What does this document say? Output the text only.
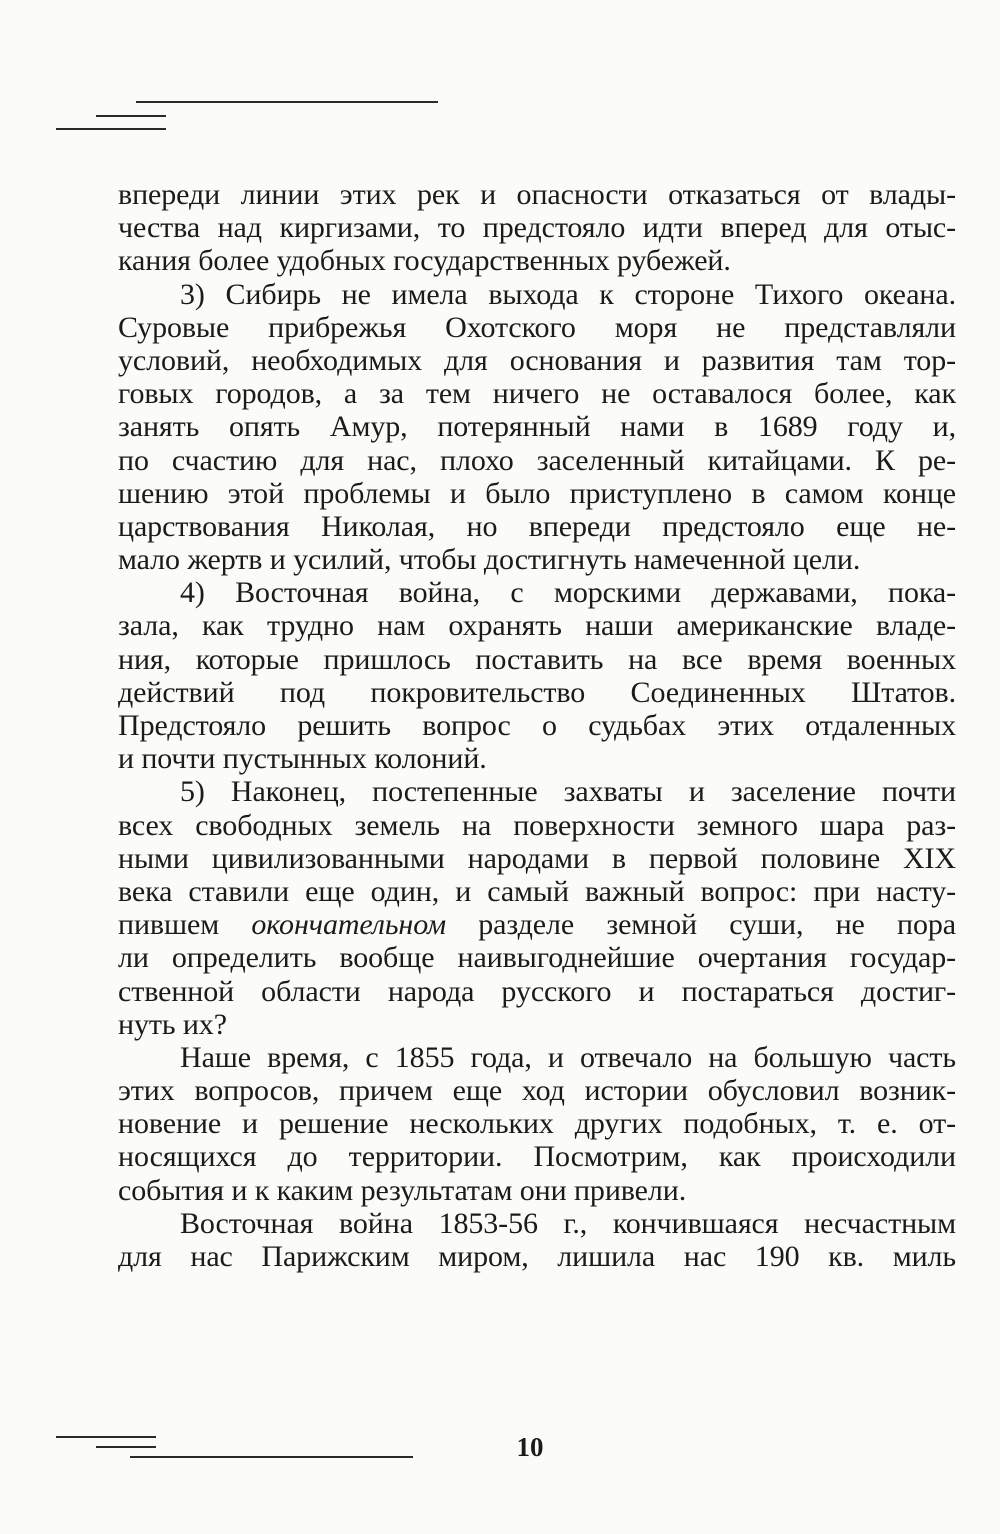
впереди линии этих рек и опасности отказаться от влады-
чества над киргизами, то предстояло идти вперед для отыс-
кания более удобных государственных рубежей.
3) Сибирь не имела выхода к стороне Тихого океана.
Суровые прибрежья Охотского моря не представляли
условий, необходимых для основания и развития там тор-
говых городов, а за тем ничего не оставалося более, как
занять опять Амур, потерянный нами в 1689 году и,
по счастию для нас, плохо заселенный китайцами. К ре-
шению этой проблемы и было приступлено в самом конце
царствования Николая, но впереди предстояло еще не-
мало жертв и усилий, чтобы достигнуть намеченной цели.
4) Восточная война, с морскими державами, пока-
зала, как трудно нам охранять наши американские владе-
ния, которые пришлось поставить на все время военных
действий под покровительство Соединенных Штатов.
Предстояло решить вопрос о судьбах этих отдаленных
и почти пустынных колоний.
5) Наконец, постепенные захваты и заселение почти
всех свободных земель на поверхности земного шара раз-
ными цивилизованными народами в первой половине XIX
века ставили еще один, и самый важный вопрос: при насту-
пившем окончательном разделе земной суши, не пора
ли определить вообще наивыгоднейшие очертания государ-
ственной области народа русского и постараться достиг-
нуть их?
Наше время, с 1855 года, и отвечало на большую часть
этих вопросов, причем еще ход истории обусловил возник-
новение и решение нескольких других подобных, т. е. от-
носящихся до территории. Посмотрим, как происходили
события и к каким результатам они привели.
Восточная война 1853-56 г., кончившаяся несчастным
для нас Парижским миром, лишила нас 190 кв. миль
10
